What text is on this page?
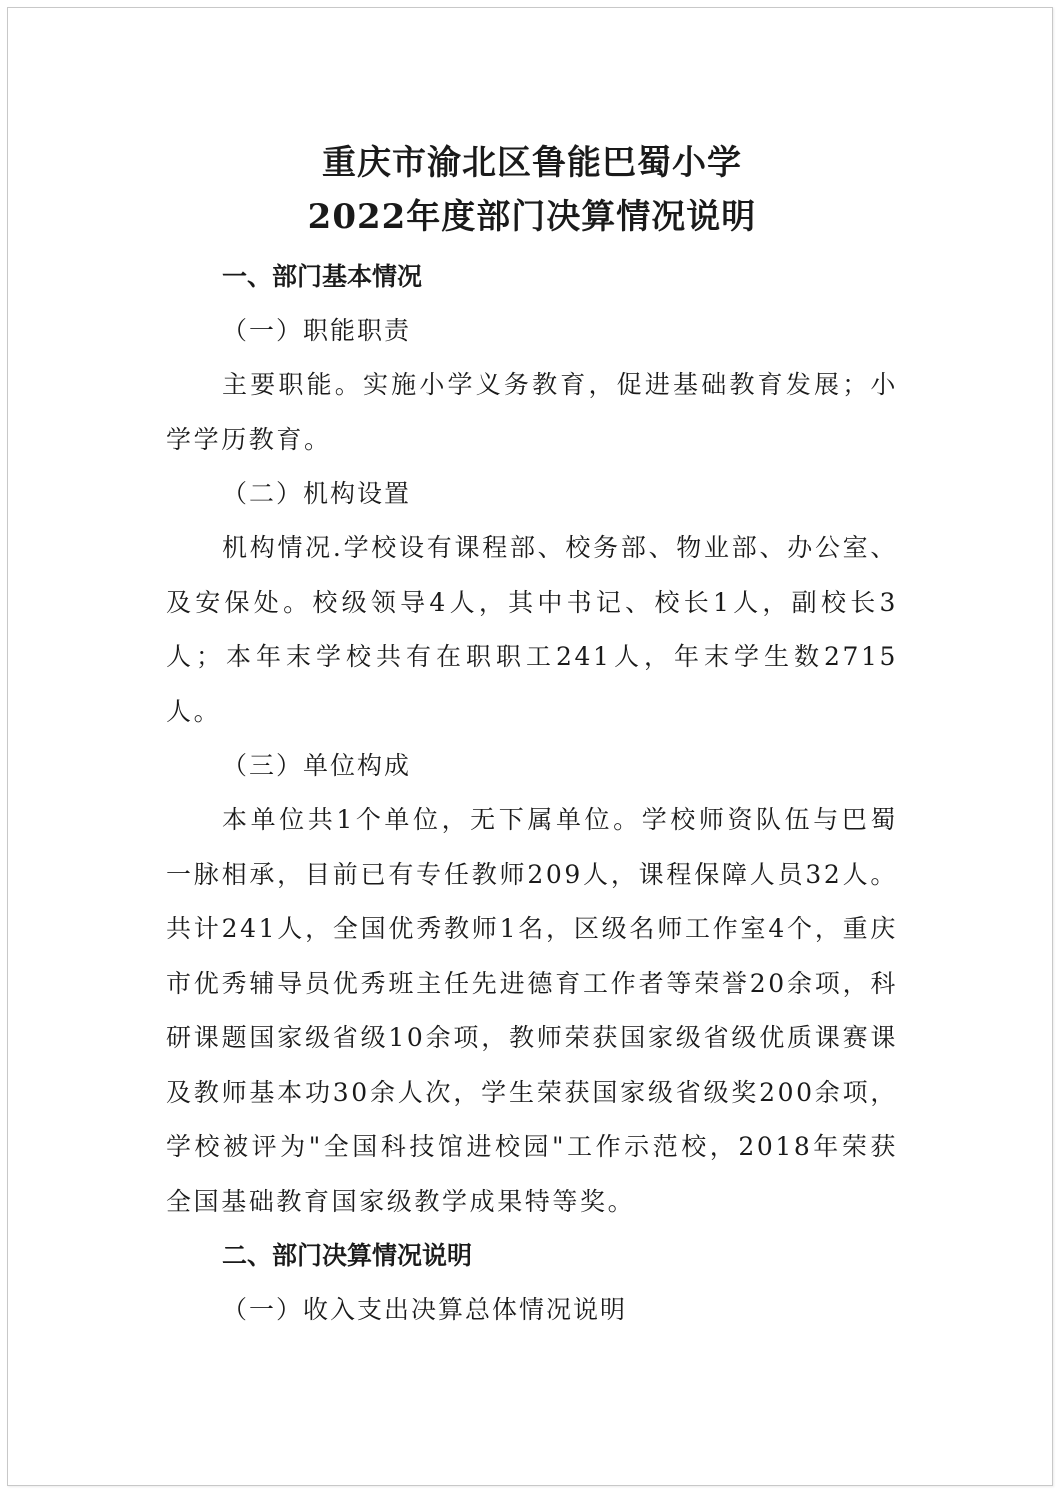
重庆市渝北区鲁能巴蜀小学
2022年度部门决算情况说明

一、部门基本情况

（一）职能职责

主要职能。实施小学义务教育，促进基础教育发展；小学学历教育。

（二）机构设置

机构情况.学校设有课程部、校务部、物业部、办公室、及安保处。校级领导4人，其中书记、校长1人，副校长3人；本年末学校共有在职职工241人，年末学生数2715人。

（三）单位构成

本单位共1个单位，无下属单位。学校师资队伍与巴蜀一脉相承，目前已有专任教师209人，课程保障人员32人。共计241人，全国优秀教师1名，区级名师工作室4个，重庆市优秀辅导员优秀班主任先进德育工作者等荣誉20余项，科研课题国家级省级10余项，教师荣获国家级省级优质课赛课及教师基本功30余人次，学生荣获国家级省级奖200余项，学校被评为"全国科技馆进校园"工作示范校，2018年荣获全国基础教育国家级教学成果特等奖。

二、部门决算情况说明

（一）收入支出决算总体情况说明
